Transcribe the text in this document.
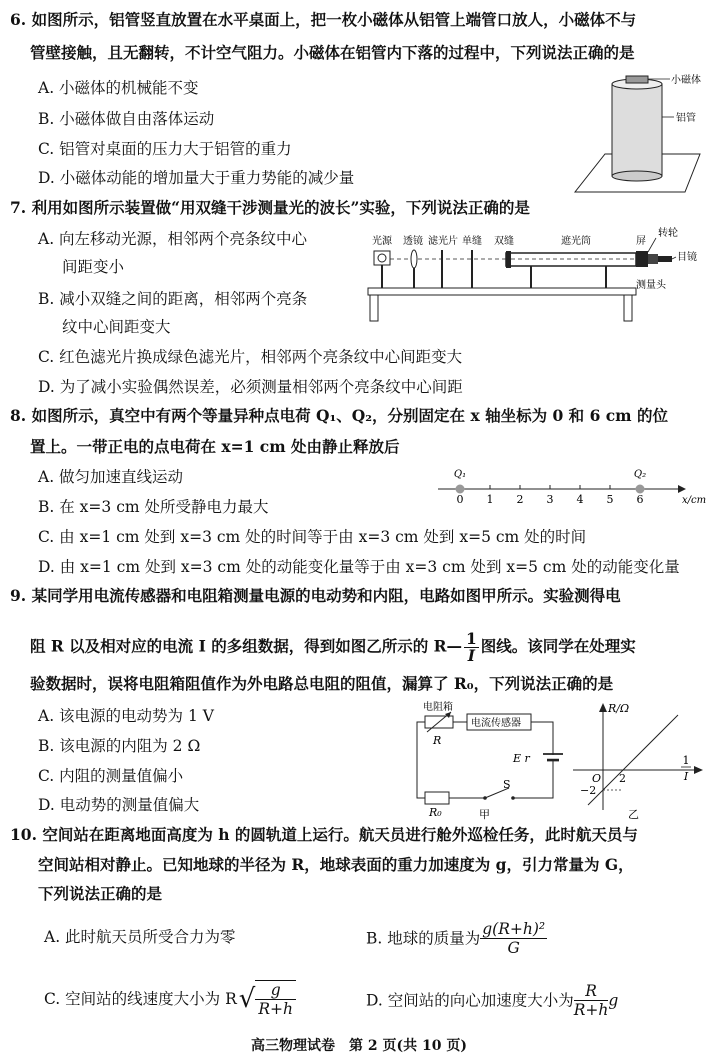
6. 如图所示，铝管竖直放置在水平桌面上，把一枚小磁体从铝管上端管口放人，小磁体不与
管壁接触，且无翻转，不计空气阻力。小磁体在铝管内下落的过程中，下列说法正确的是
A. 小磁体的机械能不变
B. 小磁体做自由落体运动
C. 铝管对桌面的压力大于铝管的重力
D. 小磁体动能的增加量大于重力势能的减少量
小磁体
铝管
7. 利用如图所示装置做“用双缝干涉测量光的波长”实验，下列说法正确的是
A. 向左移动光源，相邻两个亮条纹中心
间距变小
B. 减小双缝之间的距离，相邻两个亮条
纹中心间距变大
C. 红色滤光片换成绿色滤光片，相邻两个亮条纹中心间距变大
D. 为了减小实验偶然误差，必须测量相邻两个亮条纹中心间距
光源 透镜 滤光片 单缝 双缝	遮光筒	屏
转轮
目镜
测量头
8. 如图所示，真空中有两个等量异种点电荷 Q₁、Q₂，分别固定在 x 轴坐标为 0 和 6 cm 的位
置上。一带正电的点电荷在 x=1 cm 处由静止释放后
A. 做匀加速直线运动
B. 在 x=3 cm 处所受静电力最大
C. 由 x=1 cm 处到 x=3 cm 处的时间等于由 x=3 cm 处到 x=5 cm 处的时间
D. 由 x=1 cm 处到 x=3 cm 处的动能变化量等于由 x=3 cm 处到 x=5 cm 处的动能变化量
0 1 2 3 4 5 6
Q₁	Q₂
x/cm
9. 某同学用电流传感器和电阻箱测量电源的电动势和内阻，电路如图甲所示。实验测得电
阻 R 以及相对应的电流 I 的多组数据，得到如图乙所示的 R— $\frac{1}{I}$ 图线。该同学在处理实
验数据时，误将电阻箱阻值作为外电路总电阻的阻值，漏算了 R₀，下列说法正确的是
A. 该电源的电动势为 1 V
B. 该电源的内阻为 2 Ω
C. 内阻的测量值偏小
D. 电动势的测量值偏大
电阻箱
电流传感器
R
E r
R₀
S
甲
R/Ω
O 2
−2
1
I
乙
10. 空间站在距离地面高度为 h 的圆轨道上运行。航天员进行舱外巡检任务，此时航天员与
空间站相对静止。已知地球的半径为 R，地球表面的重力加速度为 g，引力常量为 G，
下列说法正确的是
A. 此时航天员所受合力为零	B. 地球的质量为 $\frac{\text{g(R+h)²}}{G}$
C. 空间站的线速度大小为 $R√ \frac{g}{R+h}$	D. 空间站的向心加速度大小为 $\frac{R}{R+h}$ g
高三物理试卷　第 2 页(共 10 页)
